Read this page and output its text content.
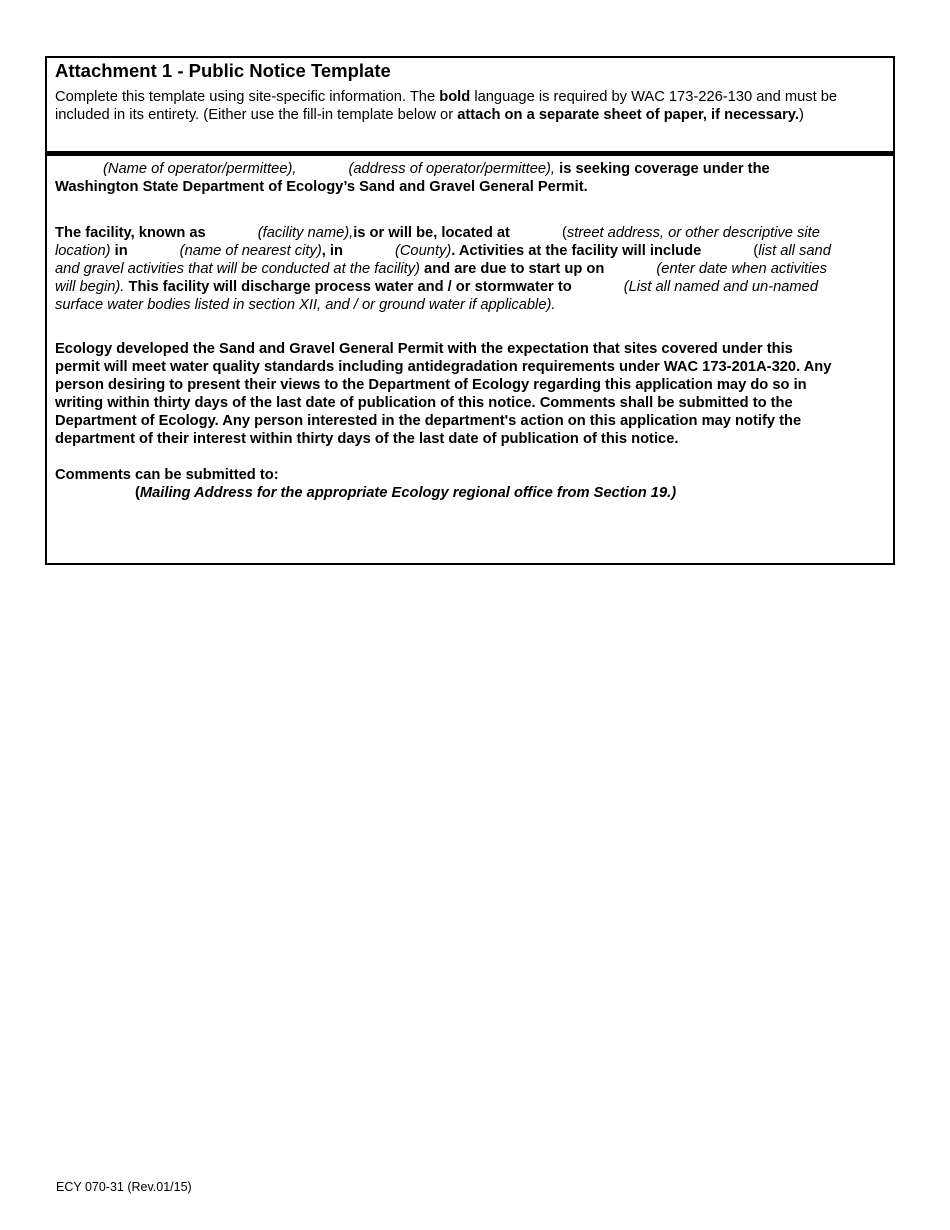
Attachment 1 - Public Notice Template
Complete this template using site-specific information. The bold language is required by WAC 173-226-130 and must be included in its entirety. (Either use the fill-in template below or attach on a separate sheet of paper, if necessary.)
(Name of operator/permittee),	(address of operator/permittee), is seeking coverage under the
Washington State Department of Ecology’s Sand and Gravel General Permit.
The facility, known as	(facility name),is or will be, located at	(street address, or other descriptive site
location) in	(name of nearest city), in	(County). Activities at the facility will include	(list all sand
and gravel activities that will be conducted at the facility) and are due to start up on	(enter date when activities
will begin). This facility will discharge process water and / or stormwater to	(List all named and un-named
surface water bodies listed in section XII, and / or ground water if applicable).
Ecology developed the Sand and Gravel General Permit with the expectation that sites covered under this
permit will meet water quality standards including antidegradation requirements under WAC 173-201A-320. Any
person desiring to present their views to the Department of Ecology regarding this application may do so in
writing within thirty days of the last date of publication of this notice. Comments shall be submitted to the
Department of Ecology. Any person interested in the department's action on this application may notify the
department of their interest within thirty days of the last date of publication of this notice.
Comments can be submitted to:
(Mailing Address for the appropriate Ecology regional office from Section 19.)
ECY 070-31 (Rev.01/15)
